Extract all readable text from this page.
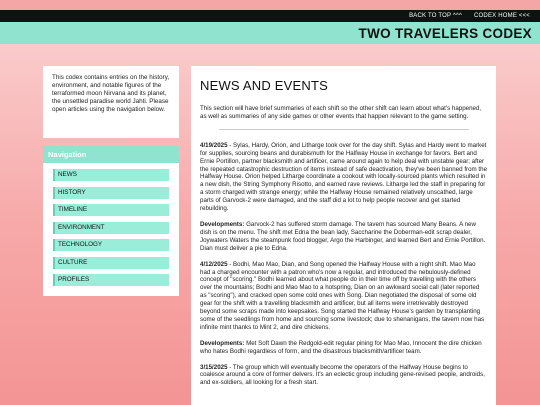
BACK TO TOP ^^^ CODEX HOME <<<
TWO TRAVELERS CODEX

This codex contains entries on the history, environment, and notable figures of the terraformed moon Nirvana and its planet, the unsettled paradise world Jahti. Please open articles using the navigation below.

Navigation
NEWS
HISTORY
TIMELINE
ENVIRONMENT
TECHNOLOGY
CULTURE
PROFILES
NEWS AND EVENTS

This section will have brief summaries of each shift so the other shift can learn about what's happened, as well as summaries of any side games or other events that happen relevant to the game setting.

4/19/2025 - Sylas, Hardy, Orion, and Litharge took over for the day shift. Sylas and Hardy went to market for supplies, sourcing beans and durabismuth for the Halfway House in exchange for favors. Bert and Ernie Portillon, partner blacksmith and artificer, came around again to help deal with unstable gear; after the repeated catastrophic destruction of items instead of safe deactivation, they've been banned from the Halfway House. Orion helped Litharge coordinate a cookout with locally-sourced plants which resulted in a new dish, the String Symphony Risotto, and earned rave reviews. Litharge led the staff in preparing for a storm charged with strange energy; while the Halfway House remained relatively unscathed, large parts of Garvock-2 were damaged, and the staff did a lot to help people recover and get started rebuilding.

Developments: Garvock-2 has suffered storm damage. The tavern has sourced Many Beans. A new dish is on the menu. The shift met Edna the bean lady, Saccharine the Doberman-edit scrap dealer, Joywaters Waters the steampunk food blogger, Argo the Harbinger, and learned Bert and Ernie Portillon. Dian must deliver a pie to Edna.

4/12/2025 - Bodhi, Mao Mao, Dian, and Song opened the Halfway House with a night shift. Mao Mao had a charged encounter with a patron who's now a regular, and introduced the nebulously-defined concept of "scoring." Bodhi learned about what people do in their time off by travelling with the others over the mountains; Bodhi and Mao Mao to a hotspring, Dian on an awkward social call (later reported as "scoring"), and cracked open some cold ones with Song. Dian negotiated the disposal of some old gear for the shift with a travelling blacksmith and artificer, but all items were irretrievably destroyed beyond some scraps made into keepsakes. Song started the Halfway House's garden by transplanting some of the seedlings from home and sourcing some livestock; due to shenanigans, the tavern now has infinite mint thanks to Mint 2, and dire chickens.

Developments: Met Soft Dawn the Redgold-edit regular pining for Mao Mao, Innocent the dire chicken who hates Bodhi regardless of form, and the disastrous blacksmith/artificer team.

3/15/2025 - The group which will eventually become the operators of the Halfway House begins to coalesce around a core of former delvers. It's an eclectic group including gene-revised people, androids, and ex-soldiers, all looking for a fresh start.
